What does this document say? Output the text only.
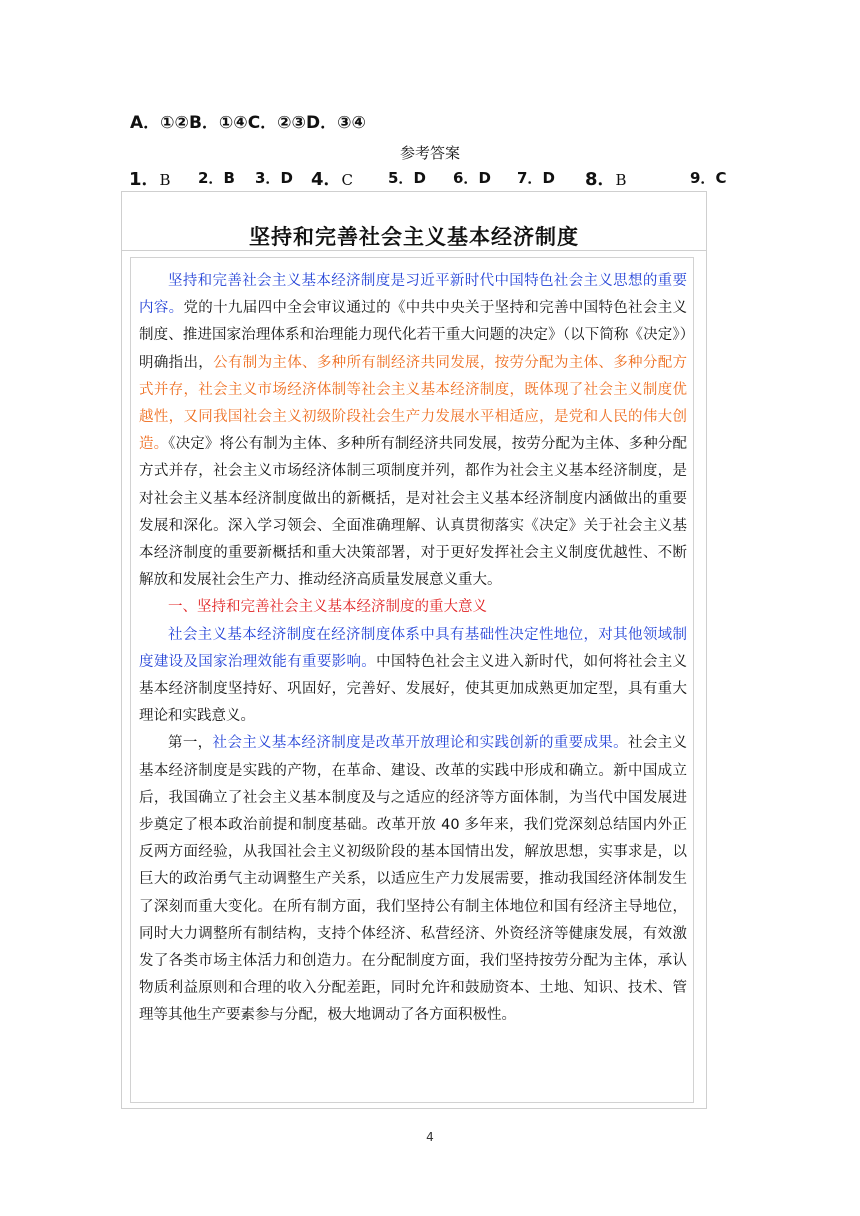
A．①②B．①④C．②③D．③④
参考答案
1．B 2．B 3．D 4．C 5．D 6．D 7．D 8．B	9．C
坚持和完善社会主义基本经济制度

坚持和完善社会主义基本经济制度是习近平新时代中国特色社会主义思想的重要内容。党的十九届四中全会审议通过的《中共中央关于坚持和完善中国特色社会主义制度、推进国家治理体系和治理能力现代化若干重大问题的决定》（以下简称《决定》）明确指出，公有制为主体、多种所有制经济共同发展，按劳分配为主体、多种分配方式并存，社会主义市场经济体制等社会主义基本经济制度，既体现了社会主义制度优越性，又同我国社会主义初级阶段社会生产力发展水平相适应，是党和人民的伟大创造。《决定》将公有制为主体、多种所有制经济共同发展，按劳分配为主体、多种分配方式并存，社会主义市场经济体制三项制度并列，都作为社会主义基本经济制度，是对社会主义基本经济制度做出的新概括，是对社会主义基本经济制度内涵做出的重要发展和深化。深入学习领会、全面准确理解、认真贯彻落实《决定》关于社会主义基本经济制度的重要新概括和重大决策部署，对于更好发挥社会主义制度优越性、不断解放和发展社会生产力、推动经济高质量发展意义重大。

一、坚持和完善社会主义基本经济制度的重大意义

社会主义基本经济制度在经济制度体系中具有基础性决定性地位，对其他领域制度建设及国家治理效能有重要影响。中国特色社会主义进入新时代，如何将社会主义基本经济制度坚持好、巩固好，完善好、发展好，使其更加成熟更加定型，具有重大理论和实践意义。

第一，社会主义基本经济制度是改革开放理论和实践创新的重要成果。社会主义基本经济制度是实践的产物，在革命、建设、改革的实践中形成和确立。新中国成立后，我国确立了社会主义基本制度及与之适应的经济等方面体制，为当代中国发展进步奠定了根本政治前提和制度基础。改革开放 40 多年来，我们党深刻总结国内外正反两方面经验，从我国社会主义初级阶段的基本国情出发，解放思想，实事求是，以巨大的政治勇气主动调整生产关系，以适应生产力发展需要，推动我国经济体制发生了深刻而重大变化。在所有制方面，我们坚持公有制主体地位和国有经济主导地位，同时大力调整所有制结构，支持个体经济、私营经济、外资经济等健康发展，有效激发了各类市场主体活力和创造力。在分配制度方面，我们坚持按劳分配为主体，承认物质利益原则和合理的收入分配差距，同时允许和鼓励资本、土地、知识、技术、管理等其他生产要素参与分配，极大地调动了各方面积极性。

4
